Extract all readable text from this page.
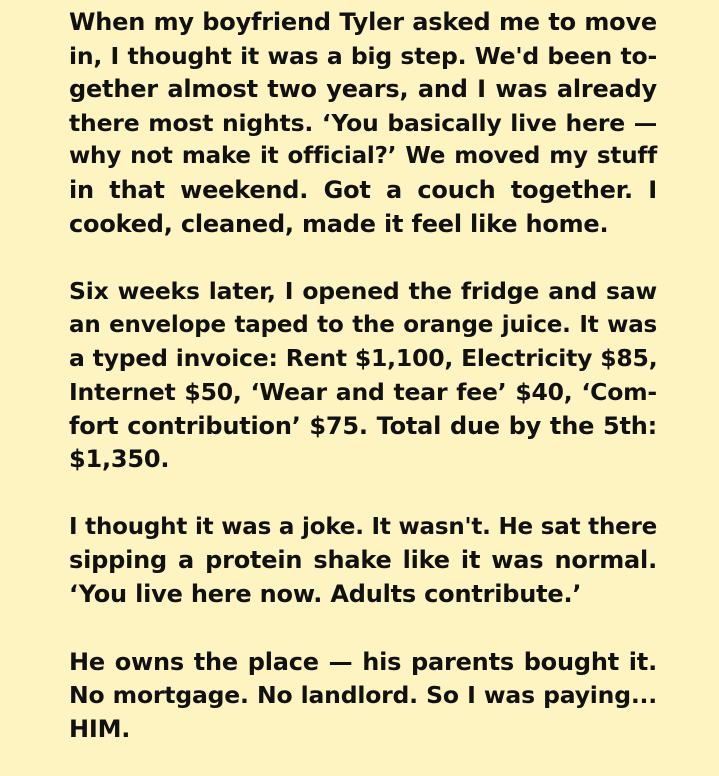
When my boyfriend Tyler asked me to move
in, I thought it was a big step. We'd been to-
gether almost two years, and I was already
there most nights. ‘You basically live here —
why not make it official?’ We moved my stuff
in that weekend. Got a couch together. I
cooked, cleaned, made it feel like home.

Six weeks later, I opened the fridge and saw
an envelope taped to the orange juice. It was
a typed invoice: Rent $1,100, Electricity $85,
Internet $50, ‘Wear and tear fee’ $40, ‘Com-
fort contribution’ $75. Total due by the 5th:
$1,350.

I thought it was a joke. It wasn't. He sat there
sipping a protein shake like it was normal.
‘You live here now. Adults contribute.’

He owns the place — his parents bought it.
No mortgage. No landlord. So I was paying...
HIM.
